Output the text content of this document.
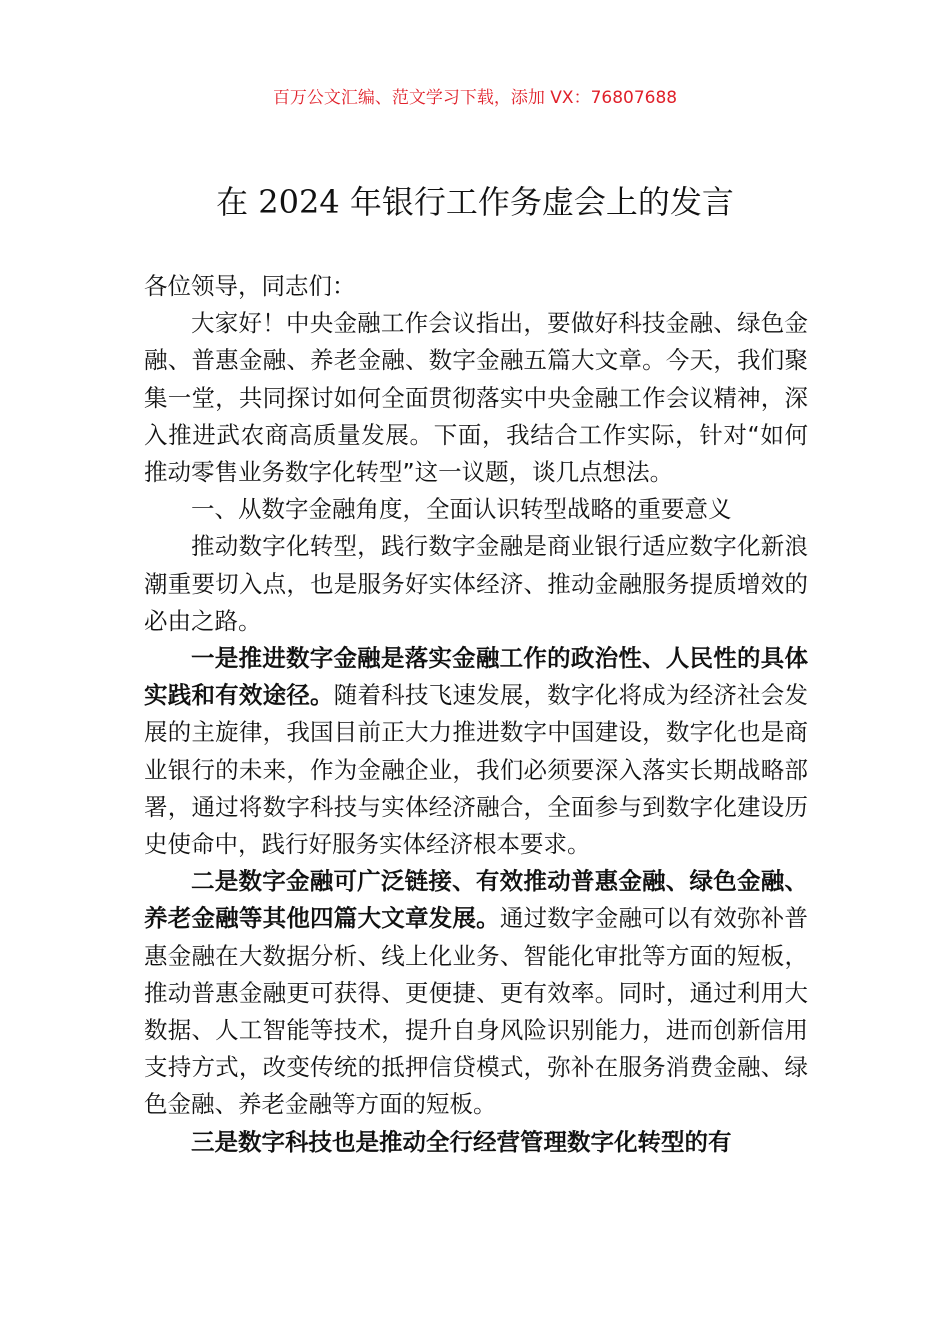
百万公文汇编、范文学习下载，添加 VX：76807688
在 2024 年银行工作务虚会上的发言

各位领导，同志们：

大家好！中央金融工作会议指出，要做好科技金融、绿色金融、普惠金融、养老金融、数字金融五篇大文章。今天，我们聚集一堂，共同探讨如何全面贯彻落实中央金融工作会议精神，深入推进武农商高质量发展。下面，我结合工作实际，针对“如何推动零售业务数字化转型”这一议题，谈几点想法。

一、从数字金融角度，全面认识转型战略的重要意义

推动数字化转型，践行数字金融是商业银行适应数字化新浪潮重要切入点，也是服务好实体经济、推动金融服务提质增效的必由之路。

一是推进数字金融是落实金融工作的政治性、人民性的具体实践和有效途径。随着科技飞速发展，数字化将成为经济社会发展的主旋律，我国目前正大力推进数字中国建设，数字化也是商业银行的未来，作为金融企业，我们必须要深入落实长期战略部署，通过将数字科技与实体经济融合，全面参与到数字化建设历史使命中，践行好服务实体经济根本要求。

二是数字金融可广泛链接、有效推动普惠金融、绿色金融、养老金融等其他四篇大文章发展。通过数字金融可以有效弥补普惠金融在大数据分析、线上化业务、智能化审批等方面的短板，推动普惠金融更可获得、更便捷、更有效率。同时，通过利用大数据、人工智能等技术，提升自身风险识别能力，进而创新信用支持方式，改变传统的抵押信贷模式，弥补在服务消费金融、绿色金融、养老金融等方面的短板。

三是数字科技也是推动全行经营管理数字化转型的有
